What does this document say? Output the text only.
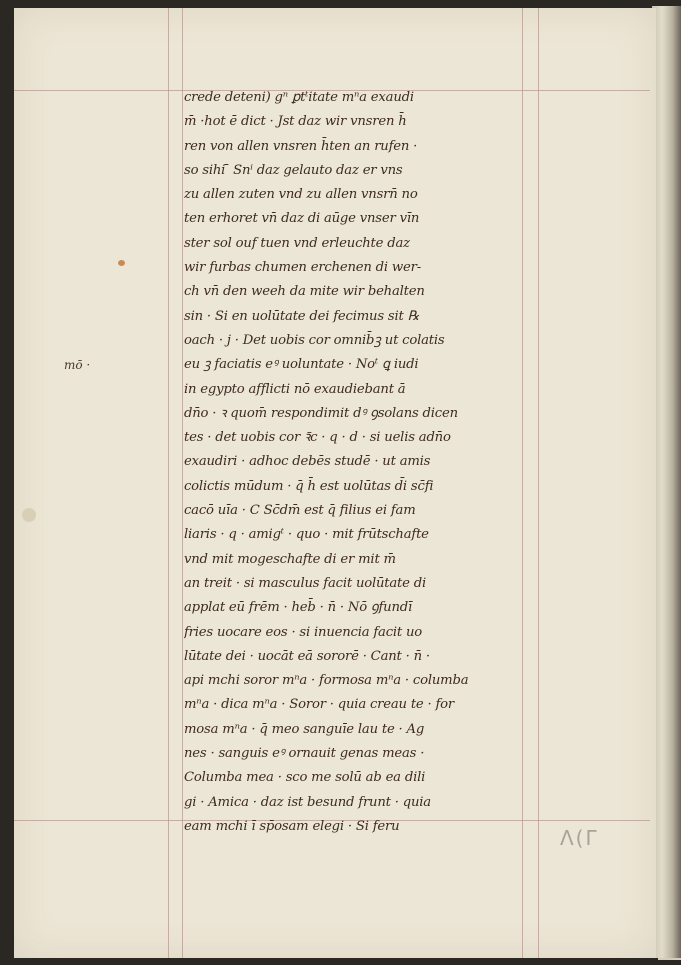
mō ·
crede deteni) gⁿ ꝑtᵗitate mⁿa exaudi
m̄ ·hot ē dict · Jst daz wir vnsren h̄
ren von allen vnsren h̄ten an rufen ·
so sihi ̄ Snⁱ daz gelauto daz er vns
zu allen zuten vnd zu allen vnsrn̄ no
ten erhoret vn̄ daz di aūge vnser vīn
ster sol ouf tuen vnd erleuchte daz
wir furbas chumen erchenen di wer-
ch vn̄ den weeh da mite wir behalten
sin · Si en uolūtate dei fecimus sit ℞
oach · j · Det uobis cor omnib̄ꝫ ut colatis
eu ꝫ faciatis eꝰ uoluntate · Noᵗ ꝗ iudi
in egypto afflicti nō exaudiebant ā
dn̄o · ꝛ quom̄ respondimit dꝰ ꝯsolans dicen
tes · det uobis cor ꝛ̄c · q · d · si uelis adn̄o
exaudiri · adhoc debēs studē · ut amis
colictis mūdum · q̄ h̄ est uolūtas d̄i sc̄fi
cacō uīa · C Sc̄dm̄ est q̄ filius ei fam
liaris · q · amigᵗ · quo · mit frūtschafte
vnd mit mogeschafte di er mit m̄
an treit · si masculus facit uolūtate di
applat eū frēm · heb̄ · n̄ · Nō ꝯfundī
fries uocare eos · si inuencia facit uo
lūtate dei · uocāt eā sororē · Cant · n̄ ·
api mchi soror mⁿa · formosa mⁿa · columba
mⁿa · dica mⁿa · Soror · quia creau te · for
mosa mⁿa · q̄ meo sanguīe lau te · Ag
nes · sanguis eꝰ ornauit genas meas ·
Columba mea · sco me solū ab ea dili
gi · Amica · daz ist besund frunt · quia
eam mchi ī sp̄osam elegi · Si feru	Λ(Γ
